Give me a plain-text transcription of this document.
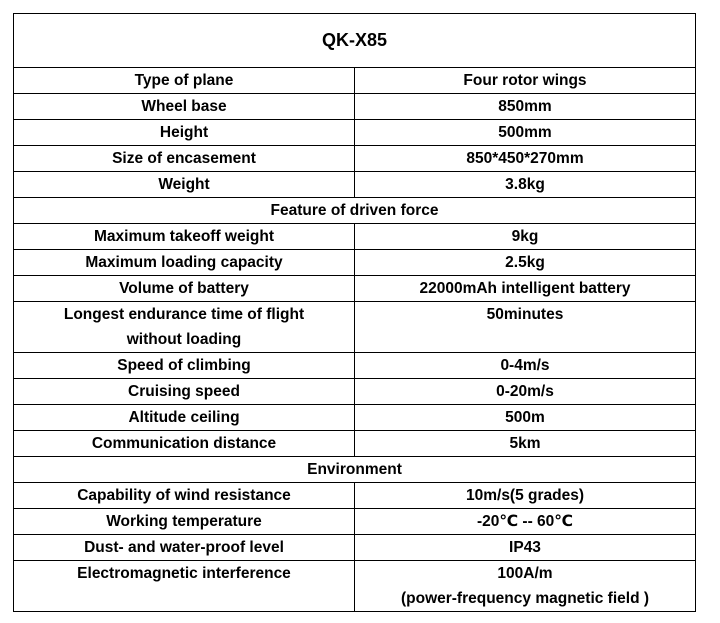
QK-X85	

Type of plane	Four rotor wings

Wheel base	850mm

Height	500mm

Size of encasement	850*450*270mm

Weight	3.8kg

Feature of driven force	

Maximum takeoff weight	9kg

Maximum loading capacity	2.5kg

Volume of battery	22000mAh intelligent battery

Longest endurance time of flight
without loading	50minutes

Speed of climbing	0-4m/s

Cruising speed	0-20m/s

Altitude ceiling	500m

Communication distance	5km

Environment	

Capability of wind resistance	10m/s(5 grades)

Working temperature	-20℃ -- 60℃

Dust- and water-proof level	IP43

Electromagnetic interference	100A/m
(power-frequency magnetic field )
